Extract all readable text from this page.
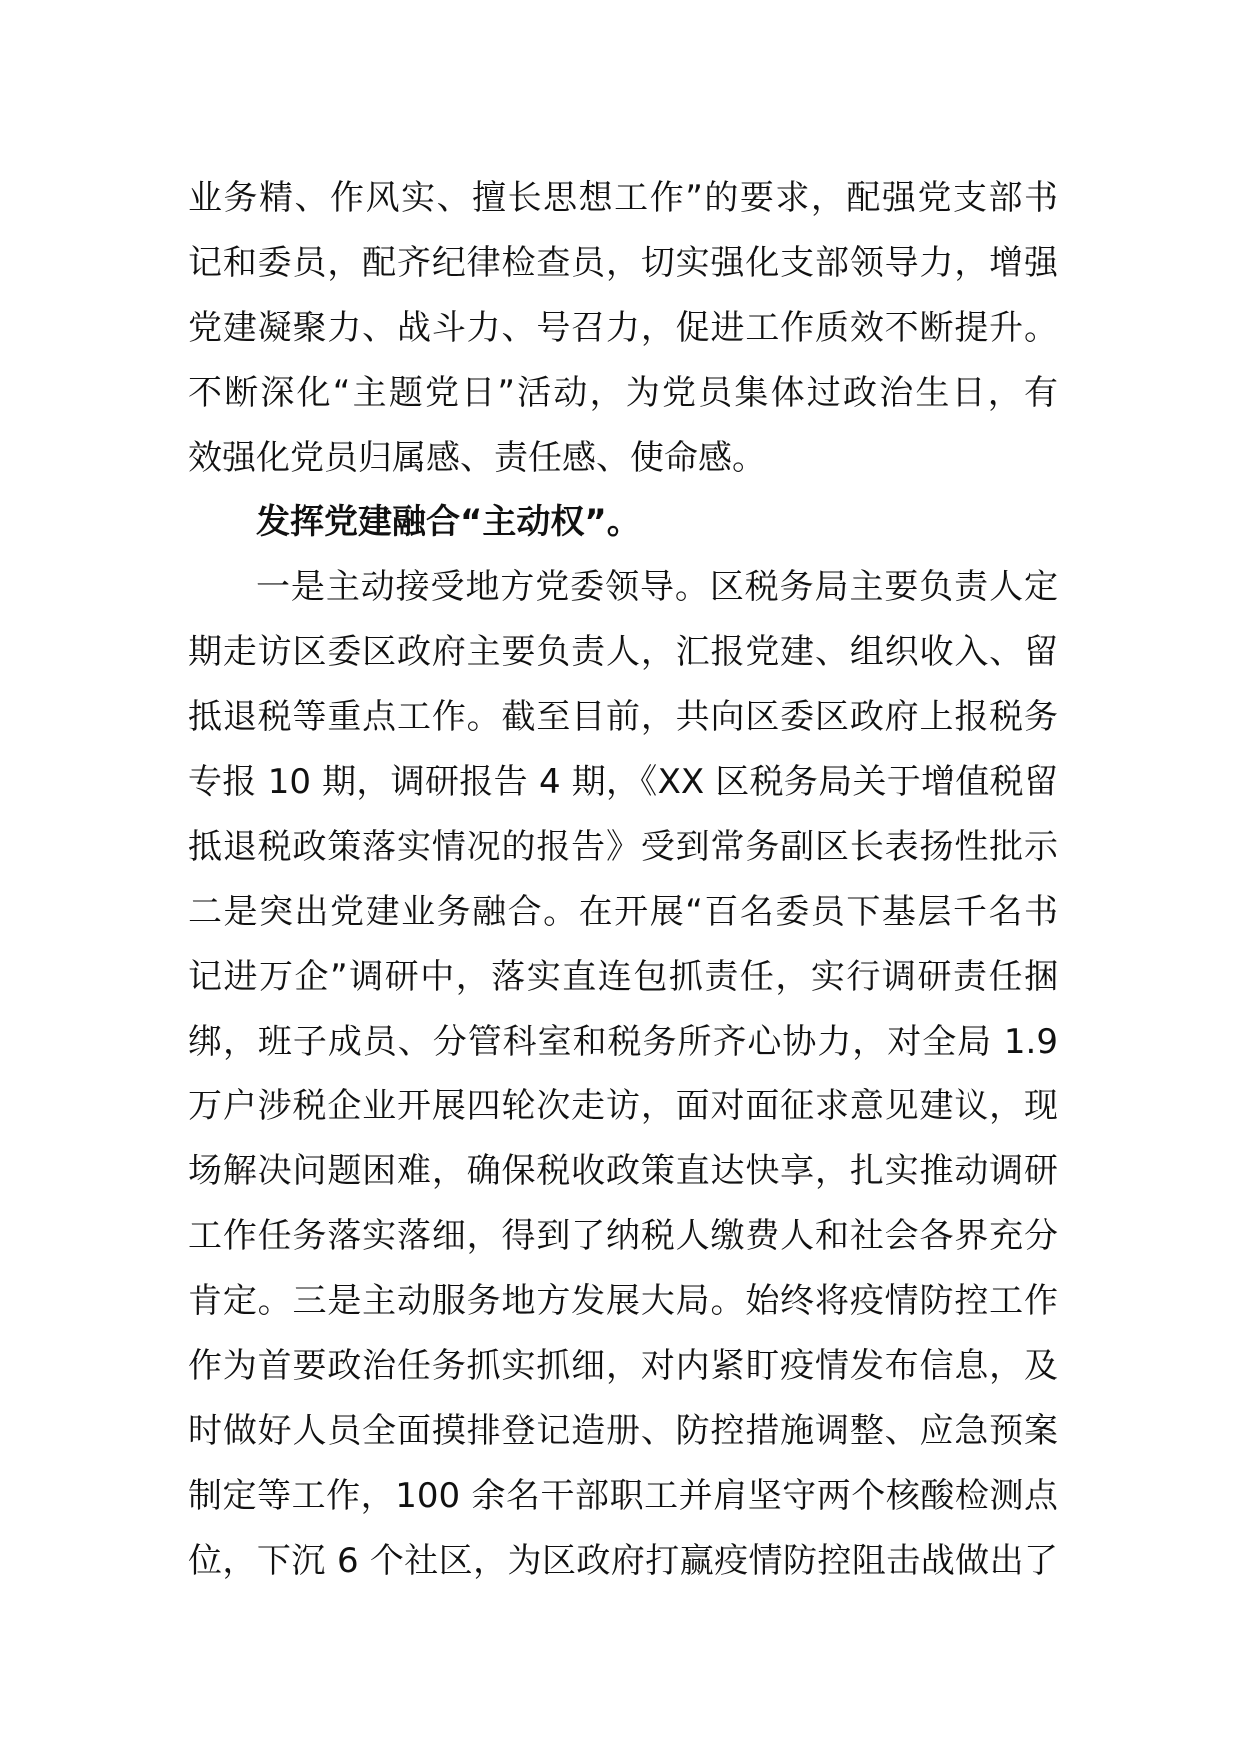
业务精、作风实、擅长思想工作”的要求，配强党支部书
记和委员，配齐纪律检查员，切实强化支部领导力，增强
党建凝聚力、战斗力、号召力，促进工作质效不断提升。
不断深化“主题党日”活动，为党员集体过政治生日，有
效强化党员归属感、责任感、使命感。
发挥党建融合“主动权”。
一是主动接受地方党委领导。区税务局主要负责人定
期走访区委区政府主要负责人，汇报党建、组织收入、留
抵退税等重点工作。截至目前，共向区委区政府上报税务
专报 10 期，调研报告 4 期，《XX 区税务局关于增值税留
抵退税政策落实情况的报告》受到常务副区长表扬性批示
二是突出党建业务融合。在开展“百名委员下基层千名书
记进万企”调研中，落实直连包抓责任，实行调研责任捆
绑，班子成员、分管科室和税务所齐心协力，对全局 1.9
万户涉税企业开展四轮次走访，面对面征求意见建议，现
场解决问题困难，确保税收政策直达快享，扎实推动调研
工作任务落实落细，得到了纳税人缴费人和社会各界充分
肯定。三是主动服务地方发展大局。始终将疫情防控工作
作为首要政治任务抓实抓细，对内紧盯疫情发布信息，及
时做好人员全面摸排登记造册、防控措施调整、应急预案
制定等工作，100 余名干部职工并肩坚守两个核酸检测点
位，下沉 6 个社区，为区政府打赢疫情防控阻击战做出了
